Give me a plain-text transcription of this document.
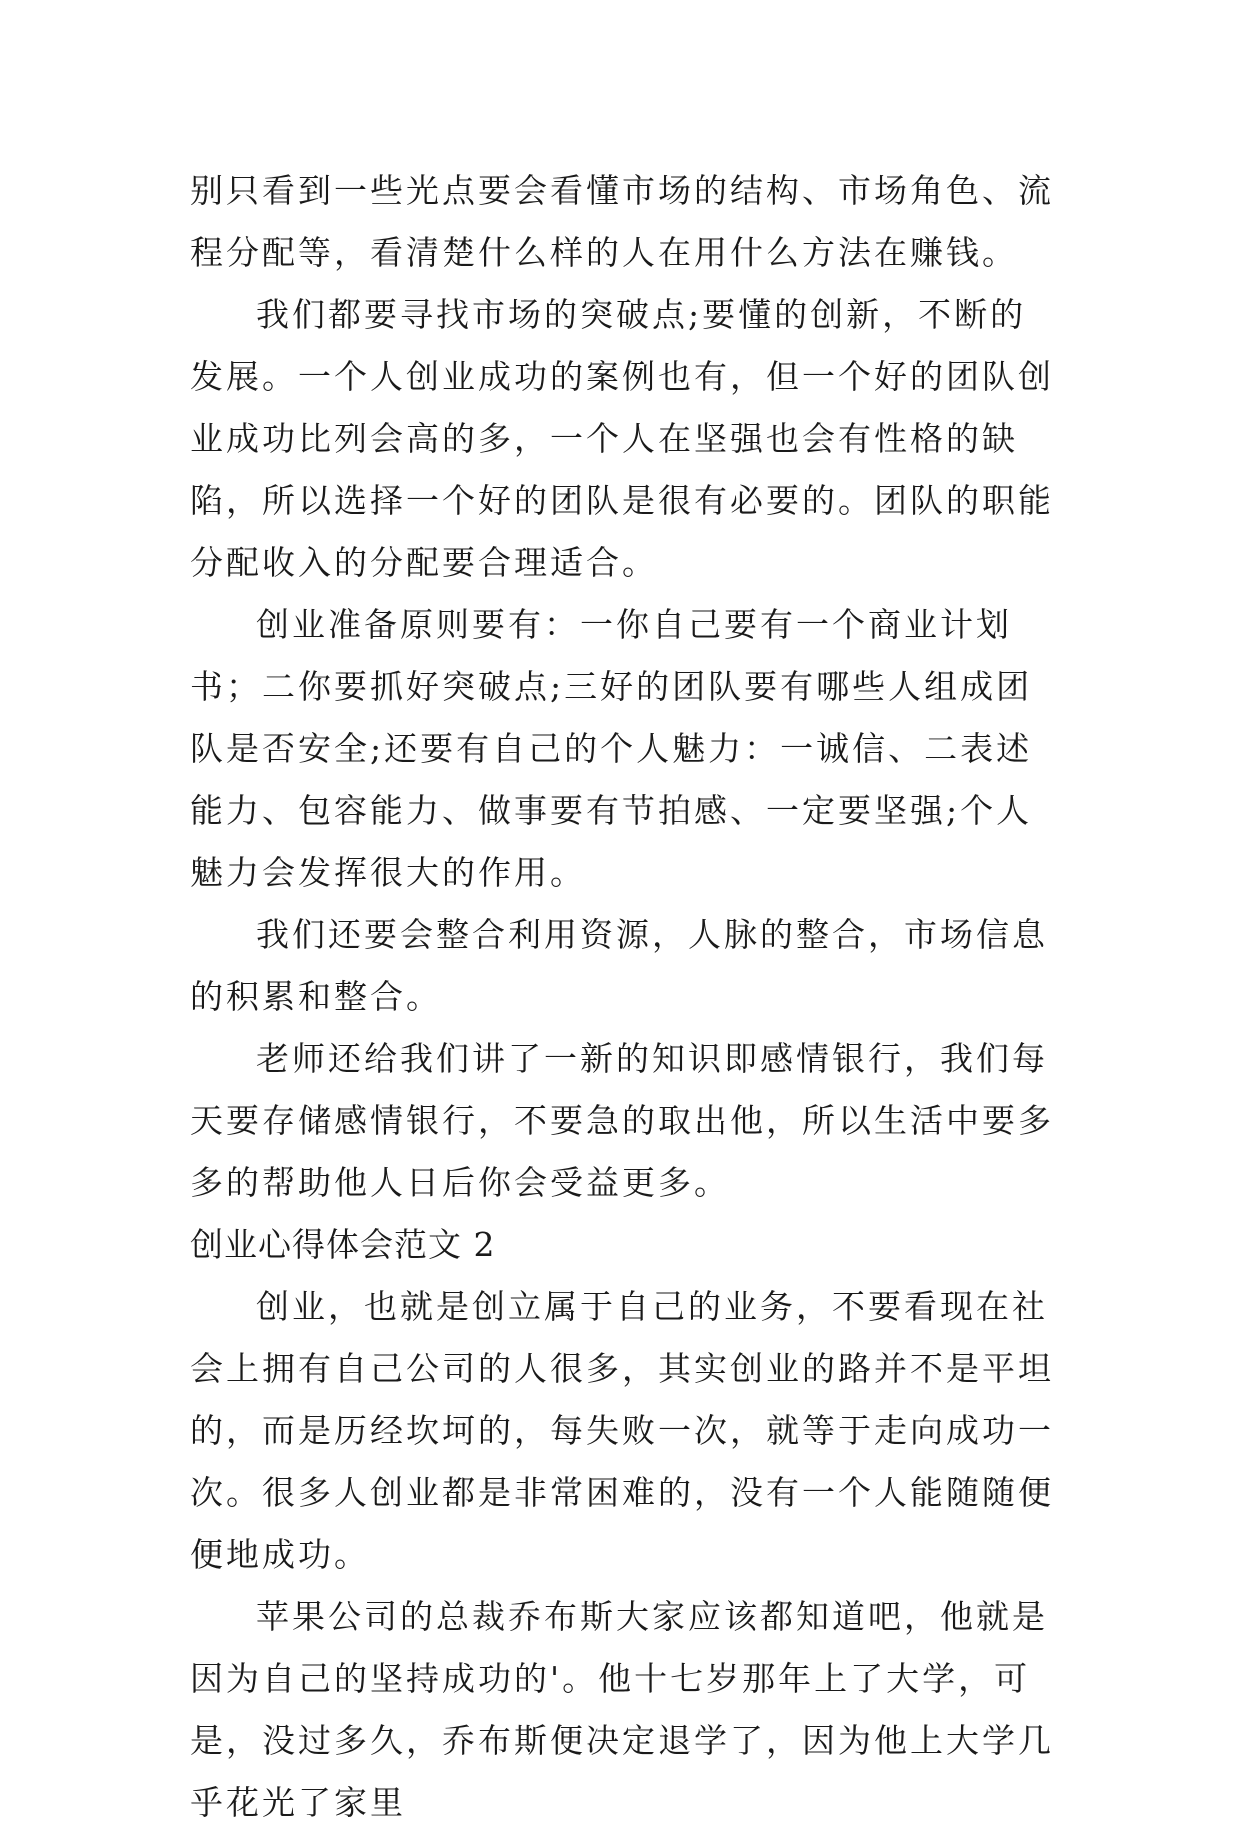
别只看到一些光点要会看懂市场的结构、市场角色、流程分配等，看清楚什么样的人在用什么方法在赚钱。

我们都要寻找市场的突破点;要懂的创新，不断的发展。一个人创业成功的案例也有，但一个好的团队创业成功比列会高的多，一个人在坚强也会有性格的缺陷，所以选择一个好的团队是很有必要的。团队的职能分配收入的分配要合理适合。

创业准备原则要有：一你自己要有一个商业计划书；二你要抓好突破点;三好的团队要有哪些人组成团队是否安全;还要有自己的个人魅力：一诚信、二表述能力、包容能力、做事要有节拍感、一定要坚强;个人魅力会发挥很大的作用。

我们还要会整合利用资源，人脉的整合，市场信息的积累和整合。

老师还给我们讲了一新的知识即感情银行，我们每天要存储感情银行，不要急的取出他，所以生活中要多多的帮助他人日后你会受益更多。

创业心得体会范文 2

创业，也就是创立属于自己的业务，不要看现在社会上拥有自己公司的人很多，其实创业的路并不是平坦的，而是历经坎坷的，每失败一次，就等于走向成功一次。很多人创业都是非常困难的，没有一个人能随随便便地成功。

苹果公司的总裁乔布斯大家应该都知道吧，他就是因为自己的坚持成功的'。他十七岁那年上了大学，可是，没过多久，乔布斯便决定退学了，因为他上大学几乎花光了家里
